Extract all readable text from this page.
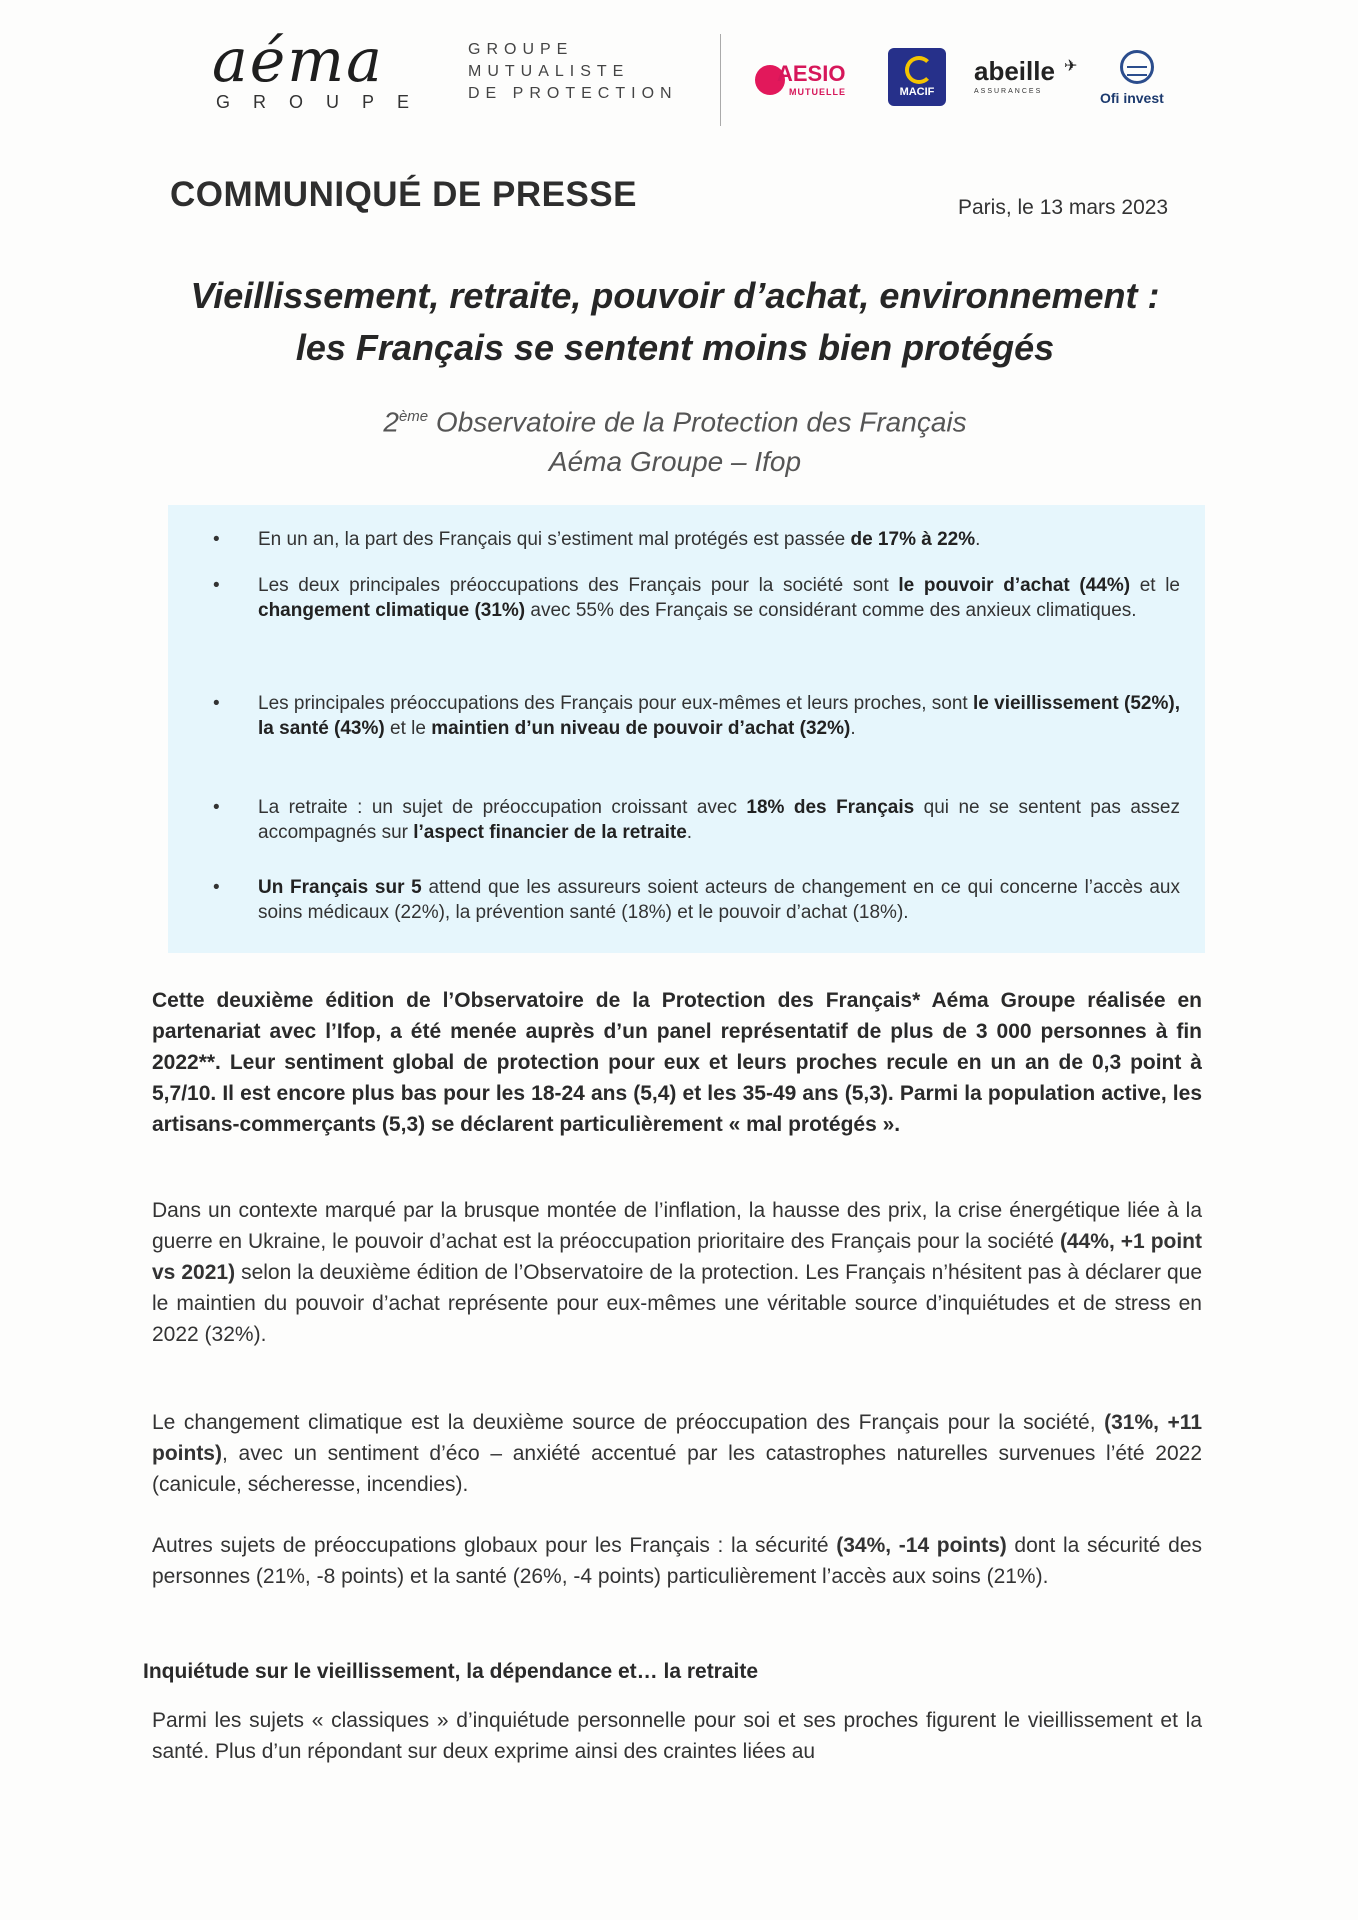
aéma
GROUPE
GROUPE
MUTUALISTE
DE PROTECTION
AESIO
MUTUELLE	MACIF
abeille ✈
ASSURANCES	Ofi invest
COMMUNIQUÉ DE PRESSE	Paris, le 13 mars 2023
Vieillissement, retraite, pouvoir d’achat, environnement :
les Français se sentent moins bien protégés
2ème Observatoire de la Protection des Français
Aéma Groupe – Ifop
• En un an, la part des Français qui s’estiment mal protégés est passée de 17% à 22%.
• Les deux principales préoccupations des Français pour la société sont le pouvoir d’achat (44%) et le changement climatique (31%) avec 55% des Français se considérant comme des anxieux climatiques.
• Les principales préoccupations des Français pour eux-mêmes et leurs proches, sont le vieillissement (52%), la santé (43%) et le maintien d’un niveau de pouvoir d’achat (32%).
• La retraite : un sujet de préoccupation croissant avec 18% des Français qui ne se sentent pas assez accompagnés sur l’aspect financier de la retraite.
• Un Français sur 5 attend que les assureurs soient acteurs de changement en ce qui concerne l’accès aux soins médicaux (22%), la prévention santé (18%) et le pouvoir d’achat (18%).

Cette deuxième édition de l’Observatoire de la Protection des Français* Aéma Groupe réalisée en partenariat avec l’Ifop, a été menée auprès d’un panel représentatif de plus de 3 000 personnes à fin 2022**. Leur sentiment global de protection pour eux et leurs proches recule en un an de 0,3 point à 5,7/10. Il est encore plus bas pour les 18-24 ans (5,4) et les 35-49 ans (5,3). Parmi la population active, les artisans-commerçants (5,3) se déclarent particulièrement « mal protégés ».

Dans un contexte marqué par la brusque montée de l’inflation, la hausse des prix, la crise énergétique liée à la guerre en Ukraine, le pouvoir d’achat est la préoccupation prioritaire des Français pour la société (44%, +1 point vs 2021) selon la deuxième édition de l’Observatoire de la protection. Les Français n’hésitent pas à déclarer que le maintien du pouvoir d’achat représente pour eux-mêmes une véritable source d’inquiétudes et de stress en 2022 (32%).

Le changement climatique est la deuxième source de préoccupation des Français pour la société, (31%, +11 points), avec un sentiment d’éco – anxiété accentué par les catastrophes naturelles survenues l’été 2022 (canicule, sécheresse, incendies).

Autres sujets de préoccupations globaux pour les Français : la sécurité (34%, -14 points) dont la sécurité des personnes (21%, -8 points) et la santé (26%, -4 points) particulièrement l’accès aux soins (21%).

Inquiétude sur le vieillissement, la dépendance et… la retraite

Parmi les sujets « classiques » d’inquiétude personnelle pour soi et ses proches figurent le vieillissement et la santé. Plus d’un répondant sur deux exprime ainsi des craintes liées au
